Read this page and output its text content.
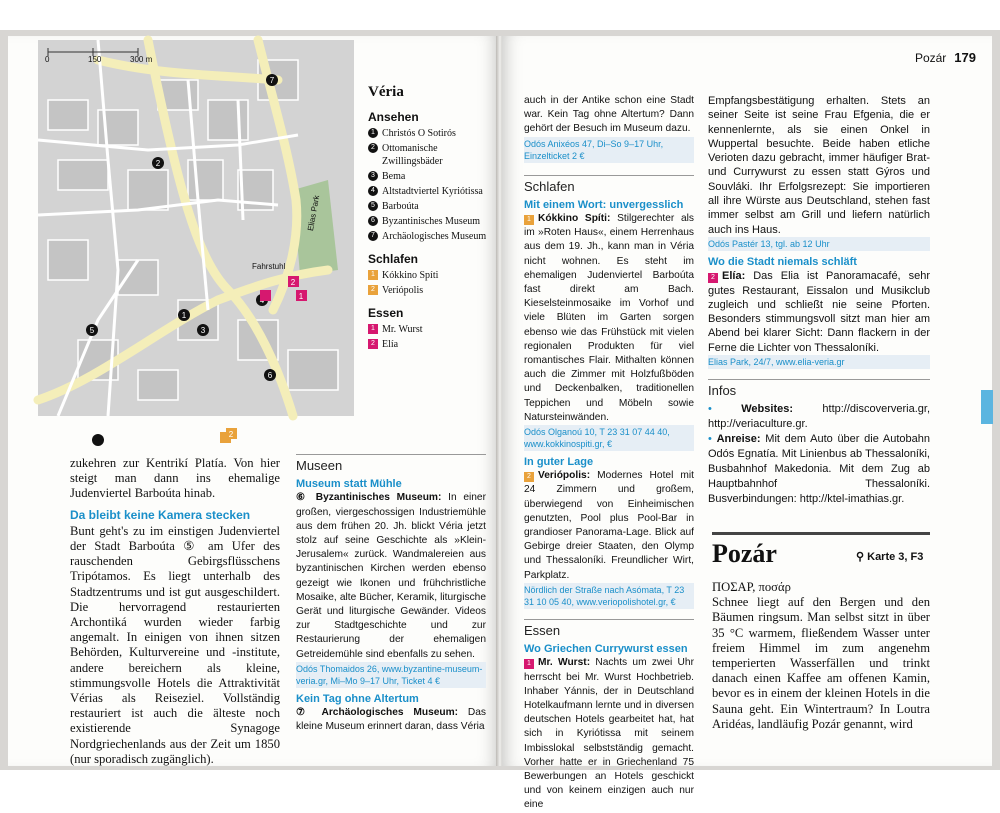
2
3
1
5
6
7
2
1
2
0	150	300 m
Fahrstuhl
Elias Park
Véria
Ansehen
1 Christós O Sotirós
2 Ottomanische Zwillingsbäder
3 Bema
4 Altstadtviertel Kyriótissa
5 Barboúta
6 Byzantinisches Museum
7 Archäologisches Museum
Schlafen
1 Kókkino Spíti
2 Veriópolis
Essen
1 Mr. Wurst
2 Elía

zukehren zur Kentrikí Platía. Von hier steigt man dann ins ehemalige Judenviertel Barboúta hinab.

Da bleibt keine Kamera stecken

Bunt geht's zu im einstigen Judenviertel der Stadt Barboúta ⑤ am Ufer des rauschenden Gebirgsflüsschens Tripótamos. Es liegt unterhalb des Stadtzentrums und ist gut ausgeschildert. Die hervorragend restaurierten Archontiká wurden wieder farbig angemalt. In einigen von ihnen sitzen Behörden, Kulturvereine und -institute, andere bereichern als kleine, stimmungsvolle Hotels die Attraktivität Vérias als Reiseziel. Vollständig restauriert ist auch die älteste noch existierende Synagoge Nordgriechenlands aus der Zeit um 1850 (nur sporadisch zugänglich).

Museen
Museum statt Mühle
⑥ Byzantinisches Museum: In einer großen, viergeschossigen Industriemühle aus dem frühen 20. Jh. blickt Véria jetzt stolz auf seine Geschichte als »Klein-Jerusalem« zurück. Wandmalereien aus byzantinischen Kirchen werden ebenso gezeigt wie Ikonen und frühchristliche Mosaike, alte Bücher, Keramik, liturgische Gerät und liturgische Gewänder. Videos zur Stadtgeschichte und zur Restaurierung der ehemaligen Getreidemühle sind ebenfalls zu sehen.
Odós Thomaidos 26, www.byzantine-museum-veria.gr, Mi–Mo 9–17 Uhr, Ticket 4 €
Kein Tag ohne Altertum
⑦ Archäologisches Museum: Das kleine Museum erinnert daran, dass Véria
Pozár 179
auch in der Antike schon eine Stadt war. Kein Tag ohne Altertum? Dann gehört der Besuch im Museum dazu.
Odós Anixéos 47, Di–So 9–17 Uhr, Einzelticket 2 €
Schlafen
Mit einem Wort: unvergesslich
1 Kókkino Spíti: Stilgerechter als im »Roten Haus«, einem Herrenhaus aus dem 19. Jh., kann man in Véria nicht wohnen. Es steht im ehemaligen Judenviertel Barboúta fast direkt am Bach. Kieselsteinmosaike im Vorhof und viele Blüten im Garten sorgen ebenso wie das Frühstück mit vielen regionalen Produkten für viel romantisches Flair. Mithalten können auch die Zimmer mit Holzfußböden und Deckenbalken, traditionellen Teppichen und Möbeln sowie Natursteinwänden.
Odós Olganoú 10, T 23 31 07 44 40, www.kokkinospiti.gr, €
In guter Lage
2 Veriópolis: Modernes Hotel mit 24 Zimmern und großem, überwiegend von Einheimischen genutzten, Pool plus Pool-Bar in grandioser Panorama-Lage. Blick auf Gebirge dreier Staaten, den Olymp und Thessaloníki. Freundlicher Wirt, Parkplatz.
Nördlich der Straße nach Asómata, T 23 31 10 05 40, www.veriopolishotel.gr, €
Essen
Wo Griechen Currywurst essen
1 Mr. Wurst: Nachts um zwei Uhr herrscht bei Mr. Wurst Hochbetrieb. Inhaber Yánnis, der in Deutschland Hotelkaufmann lernte und in diversen deutschen Hotels gearbeitet hat, hat sich in Kyriótissa mit seinem Imbisslokal selbstständig gemacht. Vorher hatte er in Griechenland 75 Bewerbungen an Hotels geschickt und von keinem einzigen auch nur eine
Empfangsbestätigung erhalten. Stets an seiner Seite ist seine Frau Efgenia, die er kennenlernte, als sie einen Onkel in Wuppertal besuchte. Beide haben etliche Verioten dazu gebracht, immer häufiger Brat- und Currywurst zu essen statt Gýros und Souvláki. Ihr Erfolgsrezept: Sie importieren all ihre Würste aus Deutschland, stehen fast immer selbst am Grill und liefern natürlich auch ins Haus.
Odós Pastér 13, tgl. ab 12 Uhr
Wo die Stadt niemals schläft
2 Elía: Das Elia ist Panoramacafé, sehr gutes Restaurant, Eissalon und Musikclub zugleich und schließt nie seine Pforten. Besonders stimmungsvoll sitzt man hier am Abend bei klarer Sicht: Dann flackern in der Ferne die Lichter von Thessaloníki.
Elias Park, 24/7, www.elia-veria.gr
Infos
•	Websites:	http://discoververia.gr, http://veriaculture.gr.
• Anreise: Mit dem Auto über die Autobahn Odós Egnatía. Mit Linienbus ab Thessaloníki, Busbahnhof Makedonia. Mit dem Zug ab Hauptbahnhof Thessaloníki. Busverbindungen: http://ktel-imathias.gr.
Pozár	⚲ Karte 3, F3

ΠΟΣΑΡ, ποσάρ

Schnee liegt auf den Bergen und den Bäumen ringsum. Man selbst sitzt in über 35 °C warmem, fließendem Wasser unter freiem Himmel im zum angenehm temperierten Wasserfällen und trinkt danach einen Kaffee am offenen Kamin, bevor es in einem der kleinen Hotels in die Sauna geht. Ein Wintertraum? In Loutra Aridéas, landläufig Pozár genannt, wird
